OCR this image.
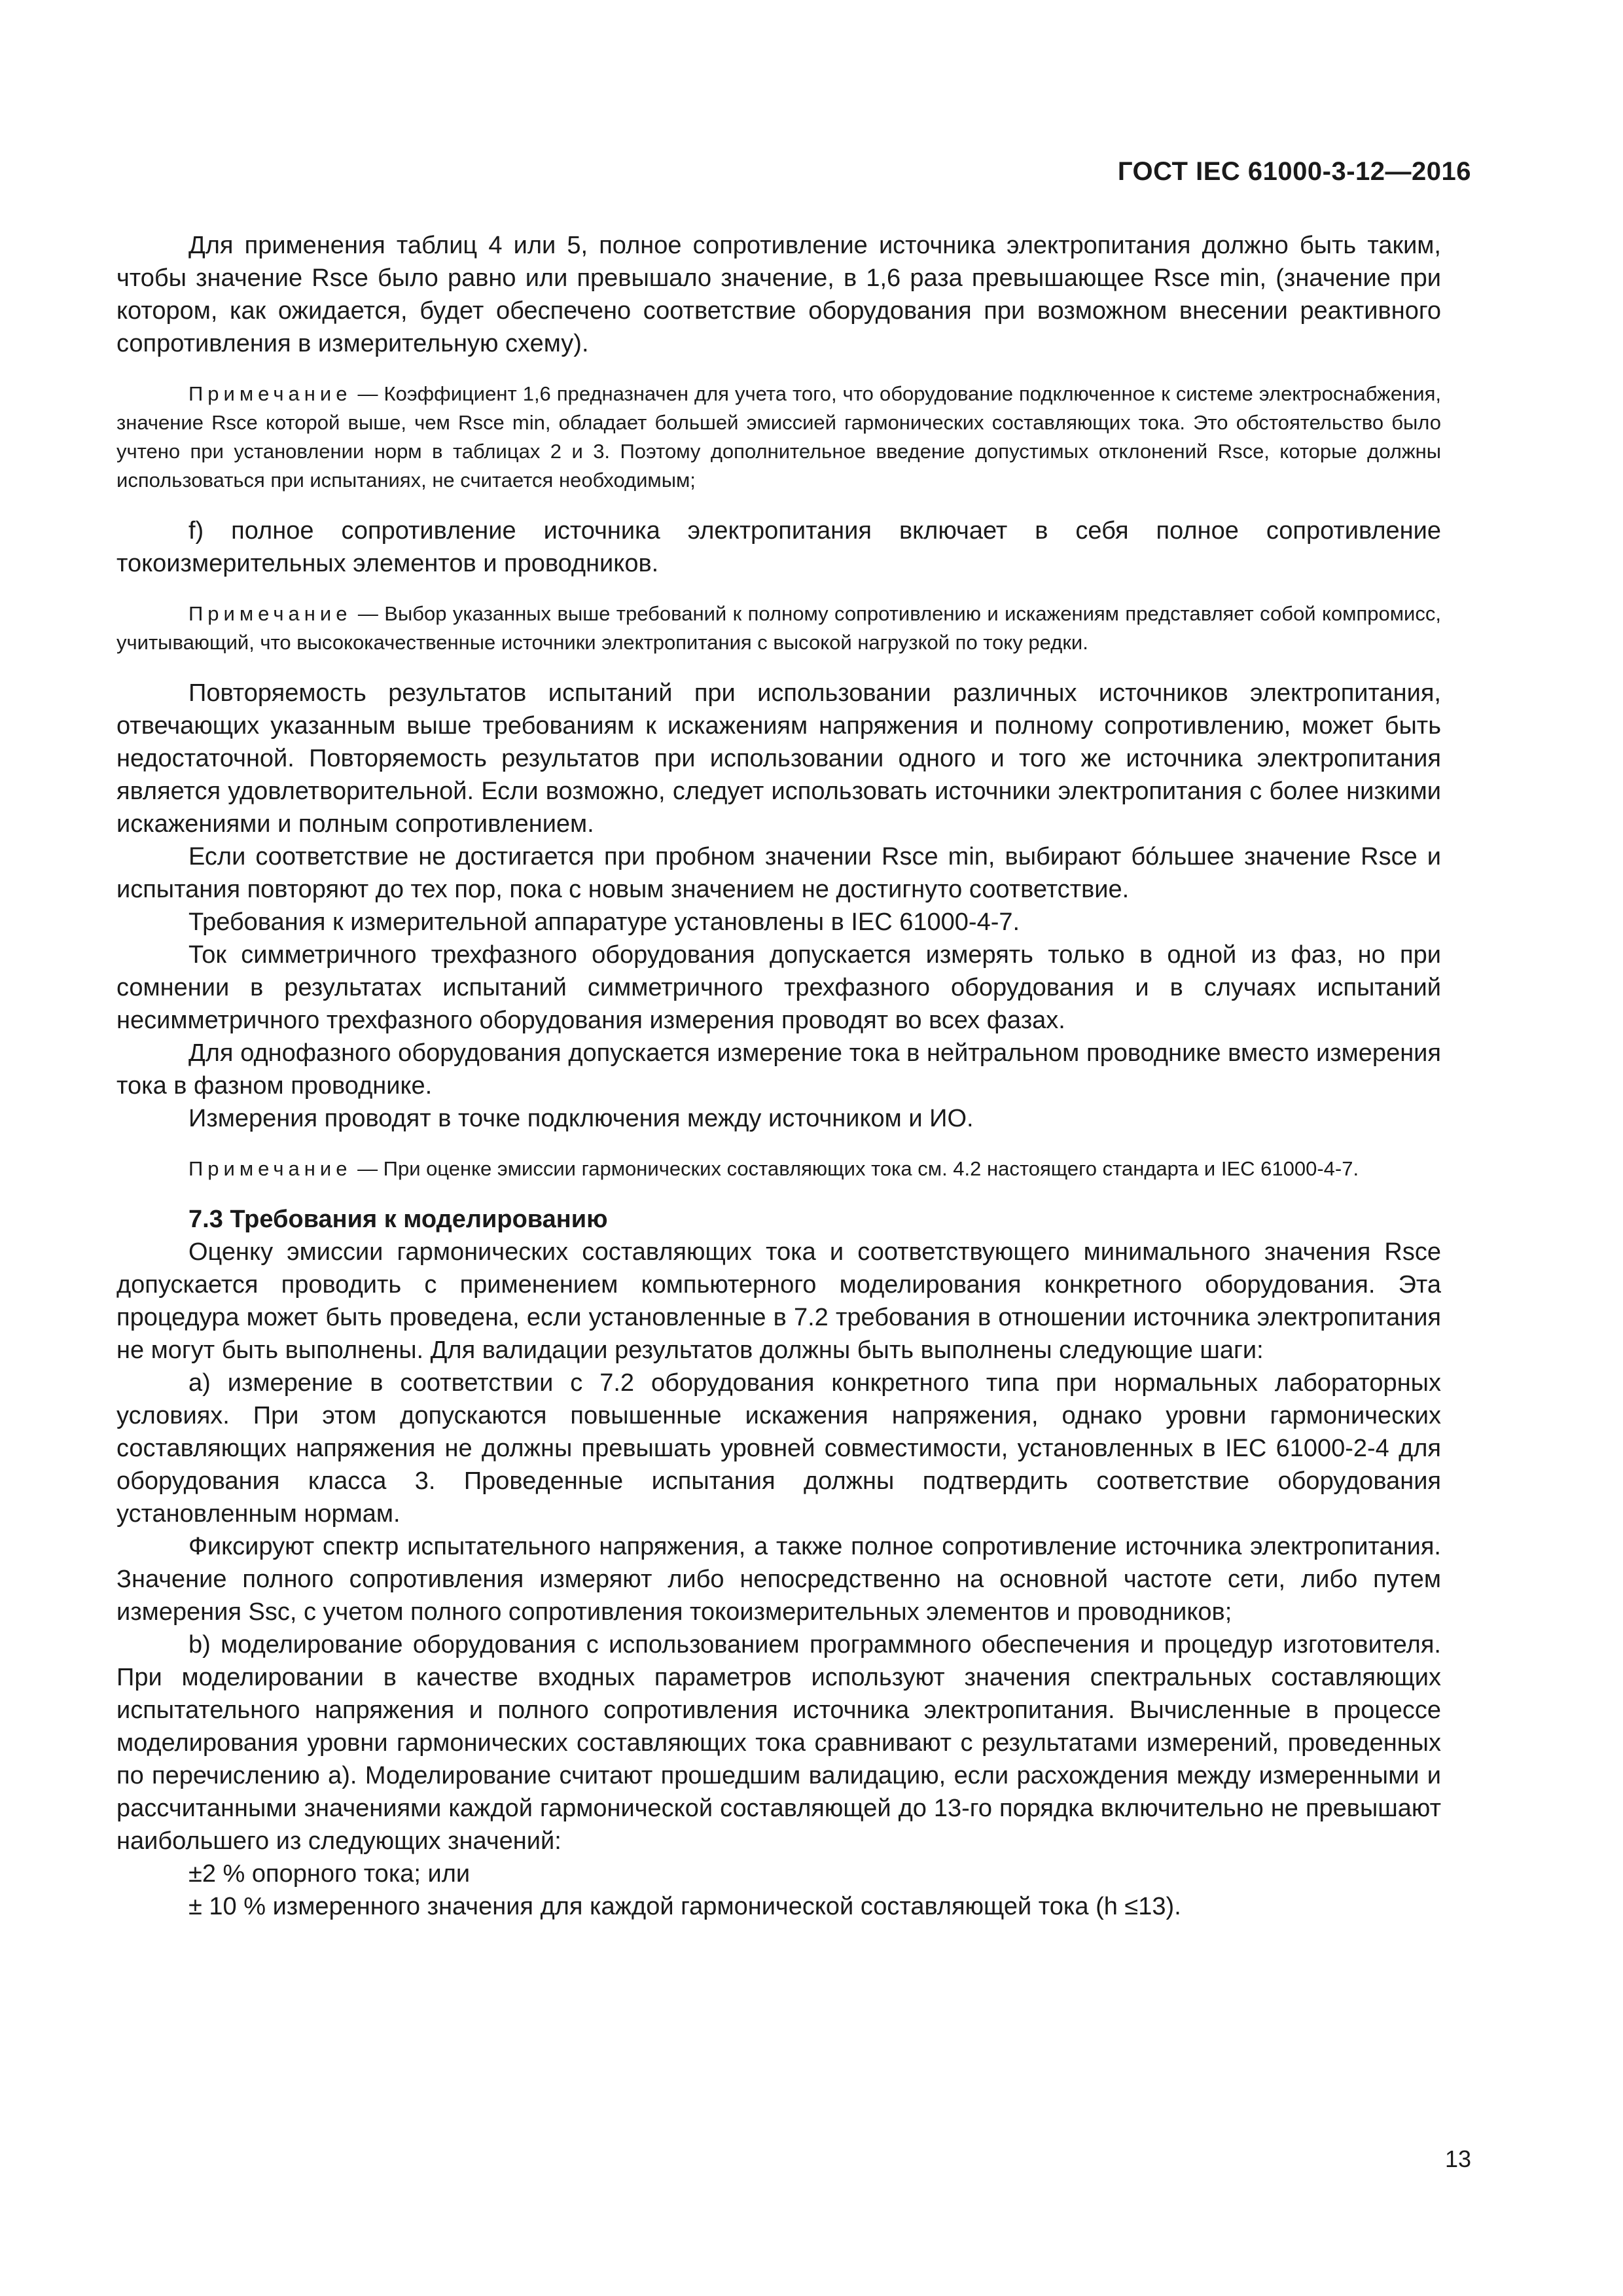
ГОСТ IEC 61000-3-12—2016

Для применения таблиц 4 или 5, полное сопротивление источника электропитания должно быть таким, чтобы значение Rsce было равно или превышало значение, в 1,6 раза превышающее Rsce min, (значение при котором, как ожидается, будет обеспечено соответствие оборудования при возможном внесении реактивного сопротивления в измерительную схему).

Примечание — Коэффициент 1,6 предназначен для учета того, что оборудование подключенное к системе электроснабжения, значение Rsce которой выше, чем Rsce min, обладает большей эмиссией гармонических составляющих тока. Это обстоятельство было учтено при установлении норм в таблицах 2 и 3. Поэтому дополнительное введение допустимых отклонений Rsce, которые должны использоваться при испытаниях, не считается необходимым;

f) полное сопротивление источника электропитания включает в себя полное сопротивление токоизмерительных элементов и проводников.

Примечание — Выбор указанных выше требований к полному сопротивлению и искажениям представляет собой компромисс, учитывающий, что высококачественные источники электропитания с высокой нагрузкой по току редки.

Повторяемость результатов испытаний при использовании различных источников электропитания, отвечающих указанным выше требованиям к искажениям напряжения и полному сопротивлению, может быть недостаточной. Повторяемость результатов при использовании одного и того же источника электропитания является удовлетворительной. Если возможно, следует использовать источники электропитания с более низкими искажениями и полным сопротивлением.

Если соответствие не достигается при пробном значении Rsce min, выбирают бо́льшее значение Rsce и испытания повторяют до тех пор, пока с новым значением не достигнуто соответствие.

Требования к измерительной аппаратуре установлены в IEC 61000-4-7.

Ток симметричного трехфазного оборудования допускается измерять только в одной из фаз, но при сомнении в результатах испытаний симметричного трехфазного оборудования и в случаях испытаний несимметричного трехфазного оборудования измерения проводят во всех фазах.

Для однофазного оборудования допускается измерение тока в нейтральном проводнике вместо измерения тока в фазном проводнике.

Измерения проводят в точке подключения между источником и ИО.

Примечание — При оценке эмиссии гармонических составляющих тока см. 4.2 настоящего стандарта и IEC 61000-4-7.

7.3 Требования к моделированию

Оценку эмиссии гармонических составляющих тока и соответствующего минимального значения Rsce допускается проводить с применением компьютерного моделирования конкретного оборудования. Эта процедура может быть проведена, если установленные в 7.2 требования в отношении источника электропитания не могут быть выполнены. Для валидации результатов должны быть выполнены следующие шаги:

a) измерение в соответствии с 7.2 оборудования конкретного типа при нормальных лабораторных условиях. При этом допускаются повышенные искажения напряжения, однако уровни гармонических составляющих напряжения не должны превышать уровней совместимости, установленных в IEC 61000-2-4 для оборудования класса 3. Проведенные испытания должны подтвердить соответствие оборудования установленным нормам.

Фиксируют спектр испытательного напряжения, а также полное сопротивление источника электропитания. Значение полного сопротивления измеряют либо непосредственно на основной частоте сети, либо путем измерения Ssc, с учетом полного сопротивления токоизмерительных элементов и проводников;

b) моделирование оборудования с использованием программного обеспечения и процедур изготовителя. При моделировании в качестве входных параметров используют значения спектральных составляющих испытательного напряжения и полного сопротивления источника электропитания. Вычисленные в процессе моделирования уровни гармонических составляющих тока сравнивают с результатами измерений, проведенных по перечислению а). Моделирование считают прошедшим валидацию, если расхождения между измеренными и рассчитанными значениями каждой гармонической составляющей до 13-го порядка включительно не превышают наибольшего из следующих значений:

±2 % опорного тока; или

± 10 % измеренного значения для каждой гармонической составляющей тока (h ≤13).

13
